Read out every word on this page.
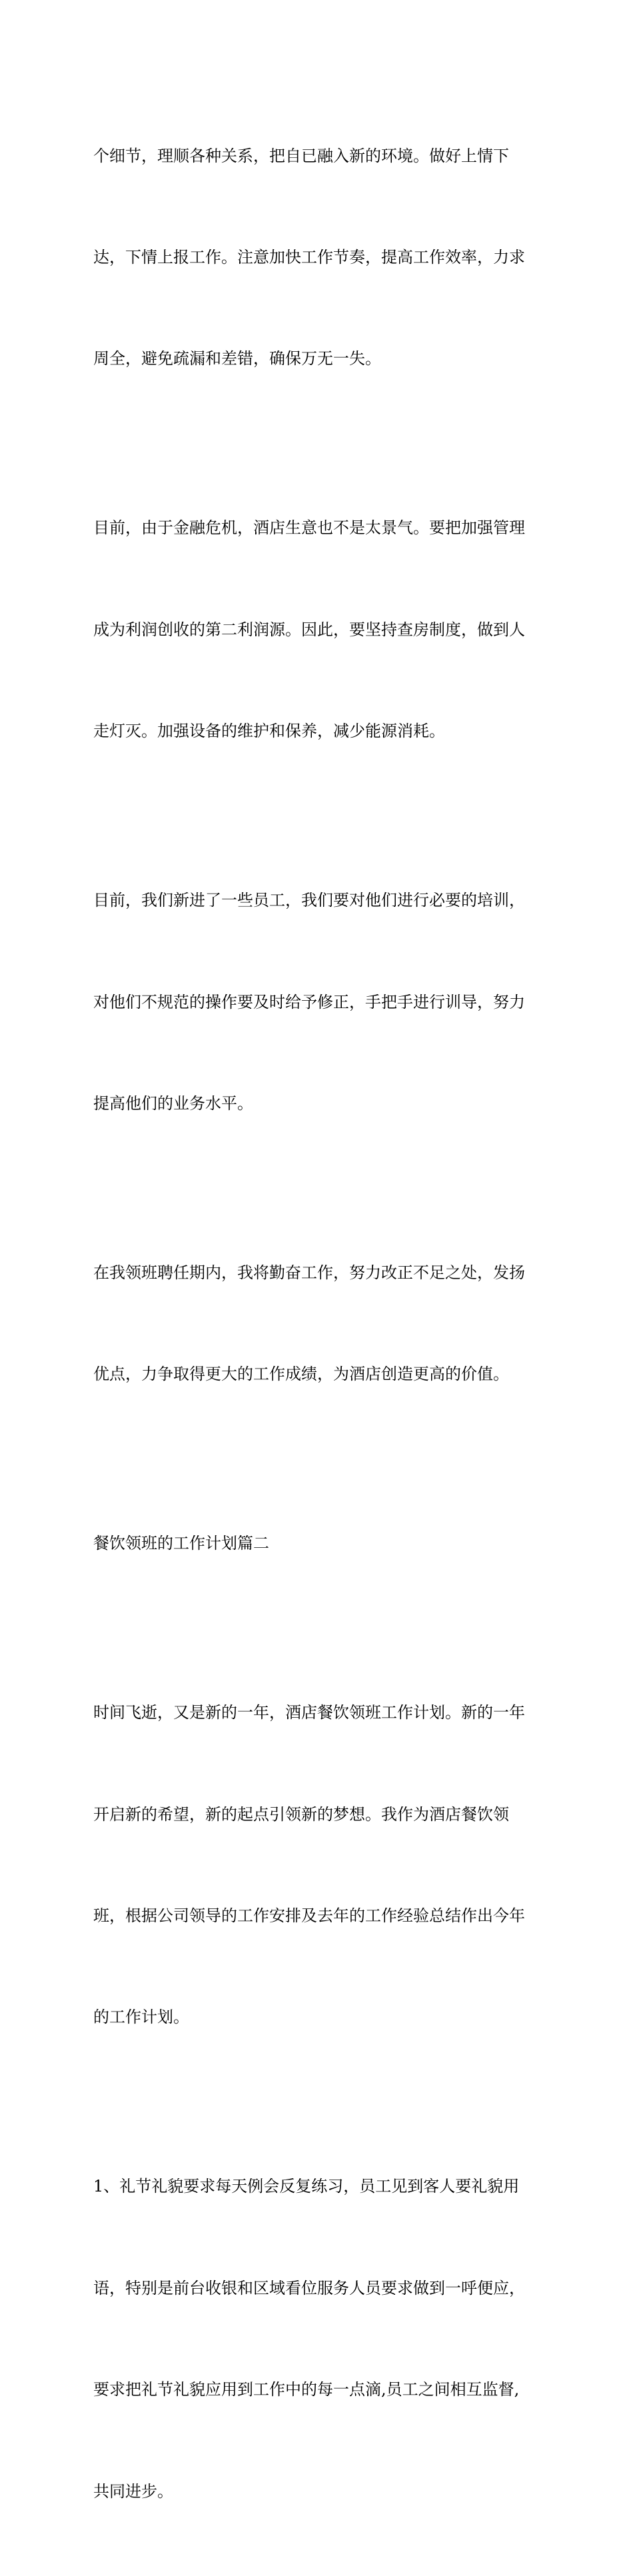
个细节，理顺各种关系，把自已融入新的环境。做好上情下

达，下情上报工作。注意加快工作节奏，提高工作效率，力求

周全，避免疏漏和差错，确保万无一失。

目前，由于金融危机，酒店生意也不是太景气。要把加强管理

成为利润创收的第二利润源。因此，要坚持查房制度，做到人

走灯灭。加强设备的维护和保养，减少能源消耗。

目前，我们新进了一些员工，我们要对他们进行必要的培训，

对他们不规范的操作要及时给予修正，手把手进行训导，努力

提高他们的业务水平。

在我领班聘任期内，我将勤奋工作，努力改正不足之处，发扬

优点，力争取得更大的工作成绩，为酒店创造更高的价值。

餐饮领班的工作计划篇二

时间飞逝，又是新的一年，酒店餐饮领班工作计划。新的一年

开启新的希望，新的起点引领新的梦想。我作为酒店餐饮领

班，根据公司领导的工作安排及去年的工作经验总结作出今年

的工作计划。

1、礼节礼貌要求每天例会反复练习，员工见到客人要礼貌用

语，特别是前台收银和区域看位服务人员要求做到一呼便应，

要求把礼节礼貌应用到工作中的每一点滴,员工之间相互监督,

共同进步。
